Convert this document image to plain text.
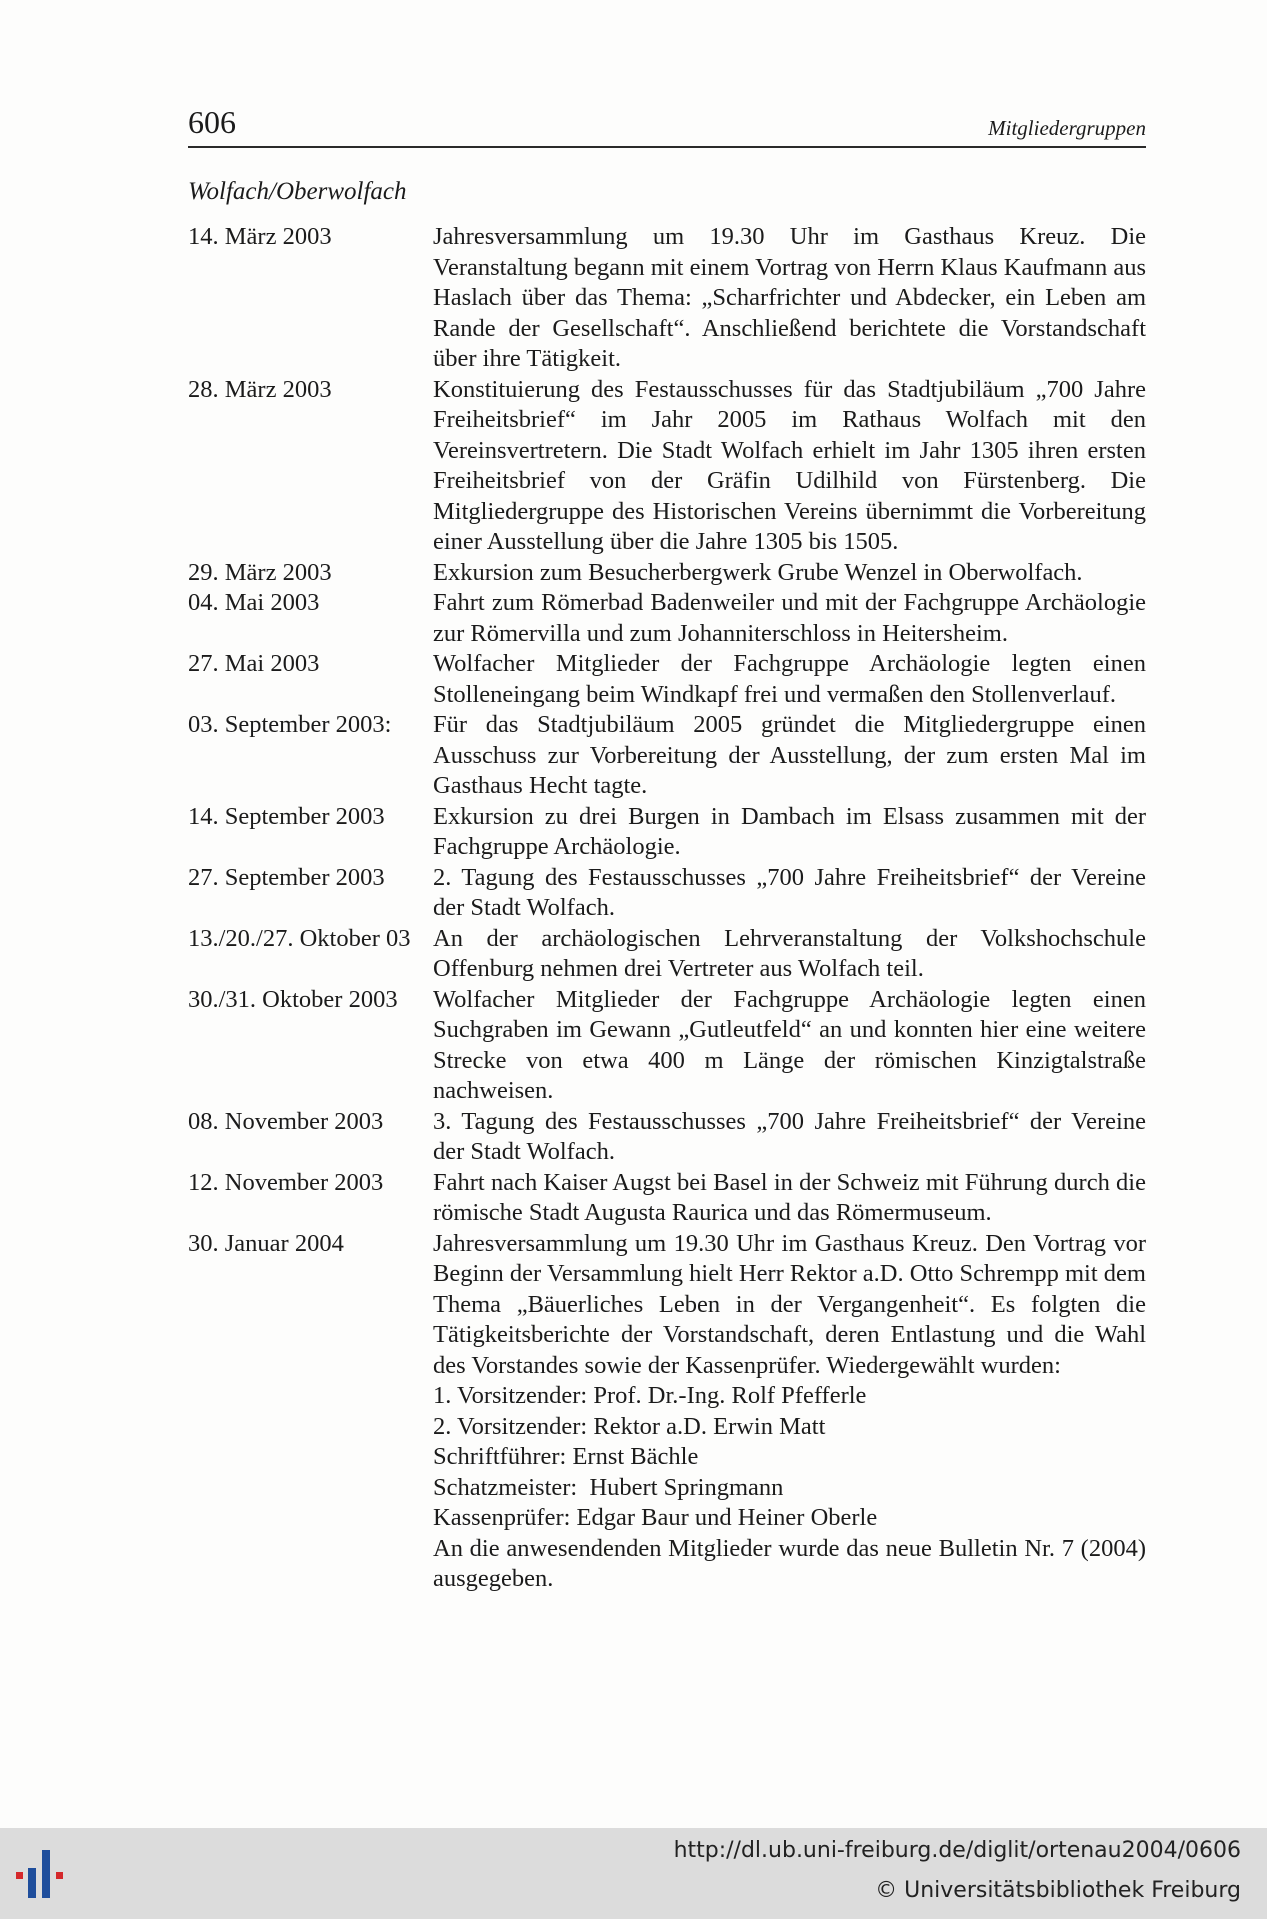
606	Mitgliedergruppen
Wolfach/Oberwolfach
14. März 2003	Jahresversammlung um 19.30 Uhr im Gasthaus Kreuz. Die Veranstaltung begann mit einem Vortrag von Herrn Klaus Kaufmann aus Haslach über das Thema: „Scharfrichter und Abdecker, ein Leben am Rande der Gesellschaft“. Anschließend berichtete die Vorstandschaft über ihre Tätigkeit.
28. März 2003	Konstituierung des Festausschusses für das Stadtjubiläum „700 Jahre Freiheitsbrief“ im Jahr 2005 im Rathaus Wolfach mit den Vereinsvertretern. Die Stadt Wolfach erhielt im Jahr 1305 ihren ersten Freiheitsbrief von der Gräfin Udilhild von Fürstenberg. Die Mitgliedergruppe des Historischen Vereins übernimmt die Vorbereitung einer Ausstellung über die Jahre 1305 bis 1505.
29. März 2003	Exkursion zum Besucherbergwerk Grube Wenzel in Oberwolfach.
04. Mai 2003	Fahrt zum Römerbad Badenweiler und mit der Fachgruppe Archäologie zur Römervilla und zum Johanniterschloss in Heitersheim.
27. Mai 2003	Wolfacher Mitglieder der Fachgruppe Archäologie legten einen Stolleneingang beim Windkapf frei und vermaßen den Stollenverlauf.
03. September 2003:	Für das Stadtjubiläum 2005 gründet die Mitgliedergruppe einen Ausschuss zur Vorbereitung der Ausstellung, der zum ersten Mal im Gasthaus Hecht tagte.
14. September 2003	Exkursion zu drei Burgen in Dambach im Elsass zusammen mit der Fachgruppe Archäologie.
27. September 2003	2. Tagung des Festausschusses „700 Jahre Freiheitsbrief“ der Vereine der Stadt Wolfach.
13./20./27. Oktober 03 An der archäologischen Lehrveranstaltung der Volkshochschule Offenburg nehmen drei Vertreter aus Wolfach teil.
30./31. Oktober 2003	Wolfacher Mitglieder der Fachgruppe Archäologie legten einen Suchgraben im Gewann „Gutleutfeld“ an und konnten hier eine weitere Strecke von etwa 400 m Länge der römischen Kinzigtalstraße nachweisen.
08. November 2003	3. Tagung des Festausschusses „700 Jahre Freiheitsbrief“ der Vereine der Stadt Wolfach.
12. November 2003	Fahrt nach Kaiser Augst bei Basel in der Schweiz mit Führung durch die römische Stadt Augusta Raurica und das Römermuseum.
30. Januar 2004	Jahresversammlung um 19.30 Uhr im Gasthaus Kreuz. Den Vortrag vor Beginn der Versammlung hielt Herr Rektor a.D. Otto Schrempp mit dem Thema „Bäuerliches Leben in der Vergangenheit“. Es folgten die Tätigkeitsberichte der Vorstandschaft, deren Entlastung und die Wahl des Vorstandes sowie der Kassenprüfer. Wiedergewählt wurden:
1. Vorsitzender: Prof. Dr.-Ing. Rolf Pfefferle
2. Vorsitzender: Rektor a.D. Erwin Matt
Schriftführer: Ernst Bächle
Schatzmeister:  Hubert Springmann
Kassenprüfer: Edgar Baur und Heiner Oberle
An die anwesendenden Mitglieder wurde das neue Bulletin Nr. 7 (2004) ausgegeben.
http://dl.ub.uni-freiburg.de/diglit/ortenau2004/0606
© Universitätsbibliothek Freiburg
